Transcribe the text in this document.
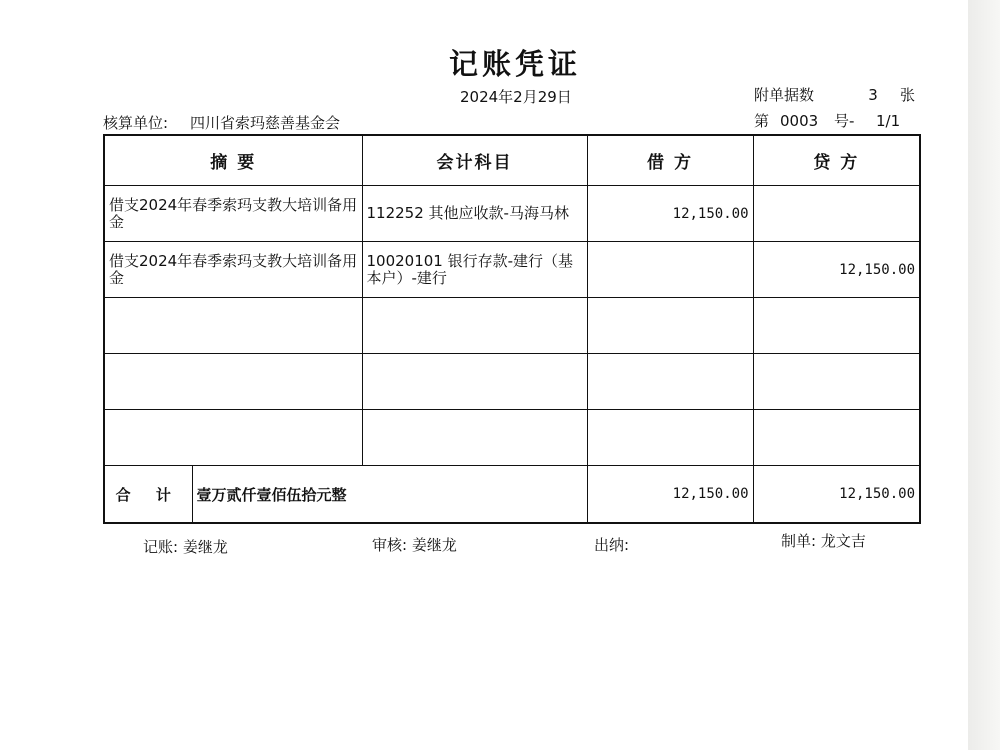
记账凭证
2024年2月29日
核算单位: 四川省索玛慈善基金会
附单据数	3 张
第 0003 号- 1/1
摘 要		会计科目	借 方	贷 方
借支2024年春季索玛支教大培训备用金		112252 其他应收款-马海马林	12,150.00	
借支2024年春季索玛支教大培训备用金		10020101 银行存款-建行（基本户）-建行		12,150.00

合 计	壹万贰仟壹佰伍拾元整		12,150.00	12,150.00
记账: 姜继龙	审核: 姜继龙	出纳:	制单: 龙文吉
